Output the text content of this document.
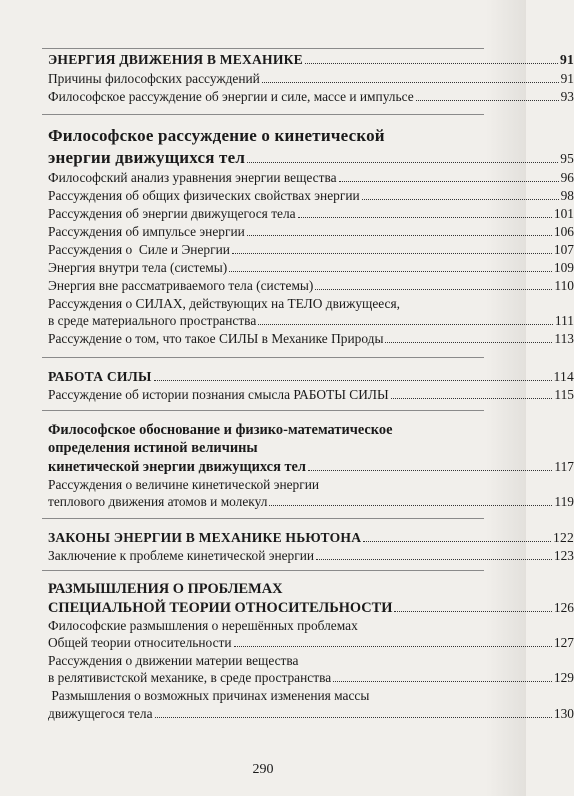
ЭНЕРГИЯ ДВИЖЕНИЯ В МЕХАНИКЕ	91
Причины философских рассуждений	91
Философское рассуждение об энергии и силе, массе и импульсе	93
Философское рассуждение о кинетической
энергии движущихся тел	95
Философский анализ уравнения энергии вещества	96
Рассуждения об общих физических свойствах энергии	98
Рассуждения об энергии движущегося тела	101
Рассуждения об импульсе энергии	106
Рассуждения о  Силе и Энергии	107
Энергия внутри тела (системы)	109
Энергия вне рассматриваемого тела (системы)	110
Рассуждения о СИЛАХ, действующих на ТЕЛО движущееся,
в среде материального пространства	111
Рассуждение о том, что такое СИЛЫ в Механике Природы	113
РАБОТА СИЛЫ	114
Рассуждение об истории познания смысла РАБОТЫ СИЛЫ	115
Философское обоснование и физико-математическое
определения истиной величины
кинетической энергии движущихся тел	117
Рассуждения о величине кинетической энергии
теплового движения атомов и молекул	119
ЗАКОНЫ ЭНЕРГИИ В МЕХАНИКЕ НЬЮТОНА	122
Заключение к проблеме кинетической энергии	123
РАЗМЫШЛЕНИЯ О ПРОБЛЕМАХ
СПЕЦИАЛЬНОЙ ТЕОРИИ ОТНОСИТЕЛЬНОСТИ	126
Философские размышления о нерешённых проблемах
Общей теории относительности	127
Рассуждения о движении материи вещества
в релятивистской механике, в среде пространства	129
Размышления о возможных причинах изменения массы
движущегося тела	130
290
